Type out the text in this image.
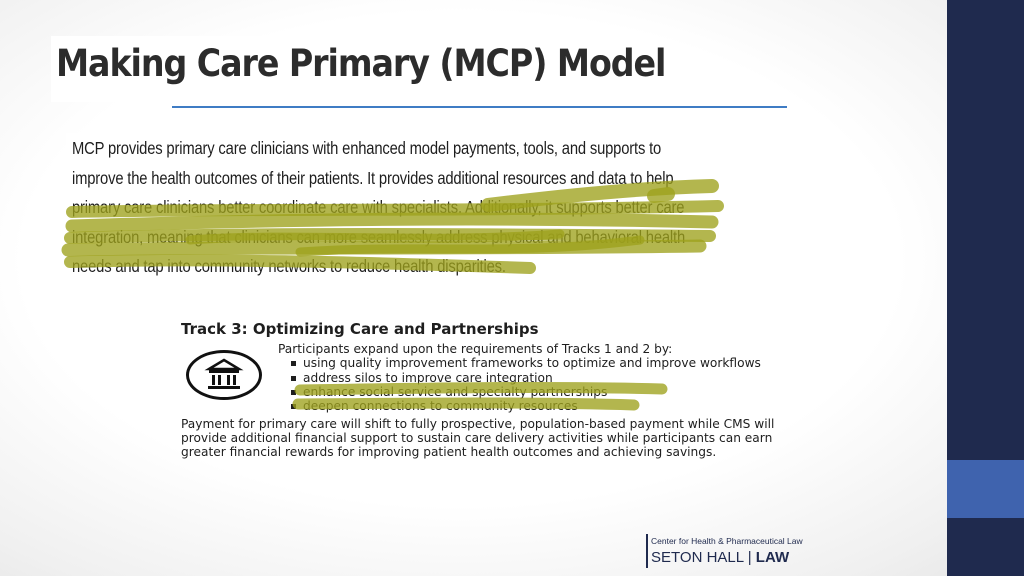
Making Care Primary (MCP) Model

MCP provides primary care clinicians with enhanced model payments, tools, and supports to

improve the health outcomes of their patients. It provides additional resources and data to help

primary care clinicians better coordinate care with specialists. Additionally, it supports better care

integration, meaning that clinicians can more seamlessly address physical and behavioral health

needs and tap into community networks to reduce health disparities.

Track 3: Optimizing Care and Partnerships

Participants expand upon the requirements of Tracks 1 and 2 by:

using quality improvement frameworks to optimize and improve workflows

address silos to improve care integration

enhance social service and specialty partnerships

deepen connections to community resources

Payment for primary care will shift to fully prospective, population-based payment while CMS will

provide additional financial support to sustain care delivery activities while participants can earn

greater financial rewards for improving patient health outcomes and achieving savings.

Center for Health & Pharmaceutical Law

SETON HALL | LAW
